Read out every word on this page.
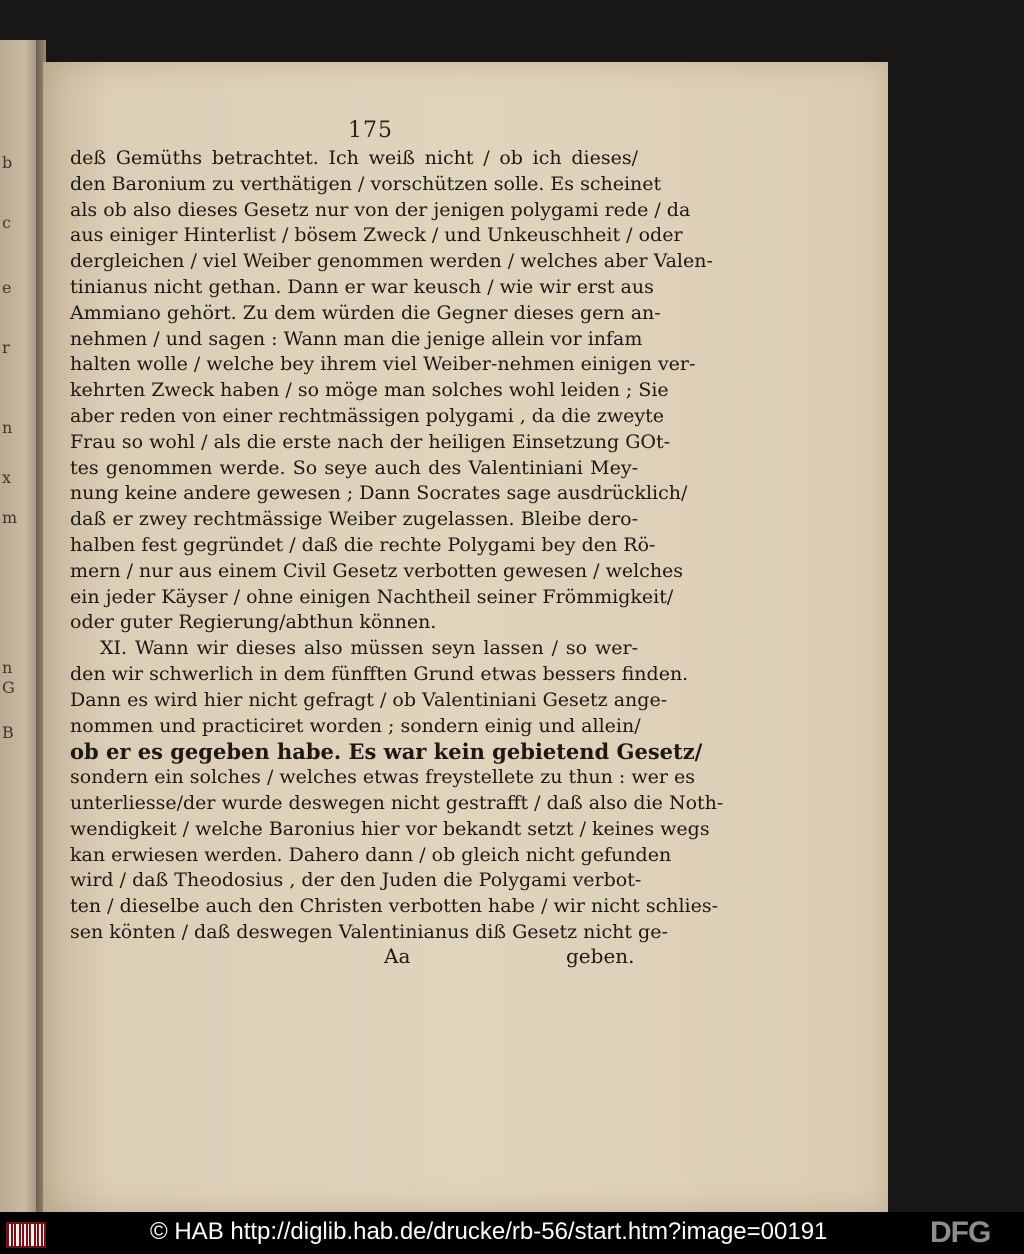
b
c
e
r
n
x
m
n
G
B
175
deß Gemüths betrachtet. Ich weiß nicht / ob ich dieses/
den Baronium zu verthätigen / vorschützen solle. Es scheinet
als ob also dieses Gesetz nur von der jenigen polygami rede / da
aus einiger Hinterlist / bösem Zweck / und Unkeuschheit / oder
dergleichen / viel Weiber genommen werden / welches aber Valen-
tinianus nicht gethan. Dann er war keusch / wie wir erst aus
Ammiano gehört. Zu dem würden die Gegner dieses gern an-
nehmen / und sagen : Wann man die jenige allein vor infam
halten wolle / welche bey ihrem viel Weiber-nehmen einigen ver-
kehrten Zweck haben / so möge man solches wohl leiden ; Sie
aber reden von einer rechtmässigen polygami , da die zweyte
Frau so wohl / als die erste nach der heiligen Einsetzung GOt-
tes genommen werde. So seye auch des Valentiniani Mey-
nung keine andere gewesen ; Dann Socrates sage ausdrücklich/
daß er zwey rechtmässige Weiber zugelassen. Bleibe dero-
halben fest gegründet / daß die rechte Polygami bey den Rö-
mern / nur aus einem Civil Gesetz verbotten gewesen / welches
ein jeder Käyser / ohne einigen Nachtheil seiner Frömmigkeit/
oder guter Regierung/abthun können.
XI. Wann wir dieses also müssen seyn lassen / so wer-
den wir schwerlich in dem fünfften Grund etwas bessers finden.
Dann es wird hier nicht gefragt / ob Valentiniani Gesetz ange-
nommen und practiciret worden ; sondern einig und allein/
ob er es gegeben habe. Es war kein gebietend Gesetz/
sondern ein solches / welches etwas freystellete zu thun : wer es
unterliesse/der wurde deswegen nicht gestrafft / daß also die Noth-
wendigkeit / welche Baronius hier vor bekandt setzt / keines wegs
kan erwiesen werden. Dahero dann / ob gleich nicht gefunden
wird / daß Theodosius , der den Juden die Polygami verbot-
ten / dieselbe auch den Christen verbotten habe / wir nicht schlies-
sen könten / daß deswegen Valentinianus diß Gesetz nicht ge-
Aa	geben.
© HAB http://diglib.hab.de/drucke/rb-56/start.htm?image=00191	DFG
